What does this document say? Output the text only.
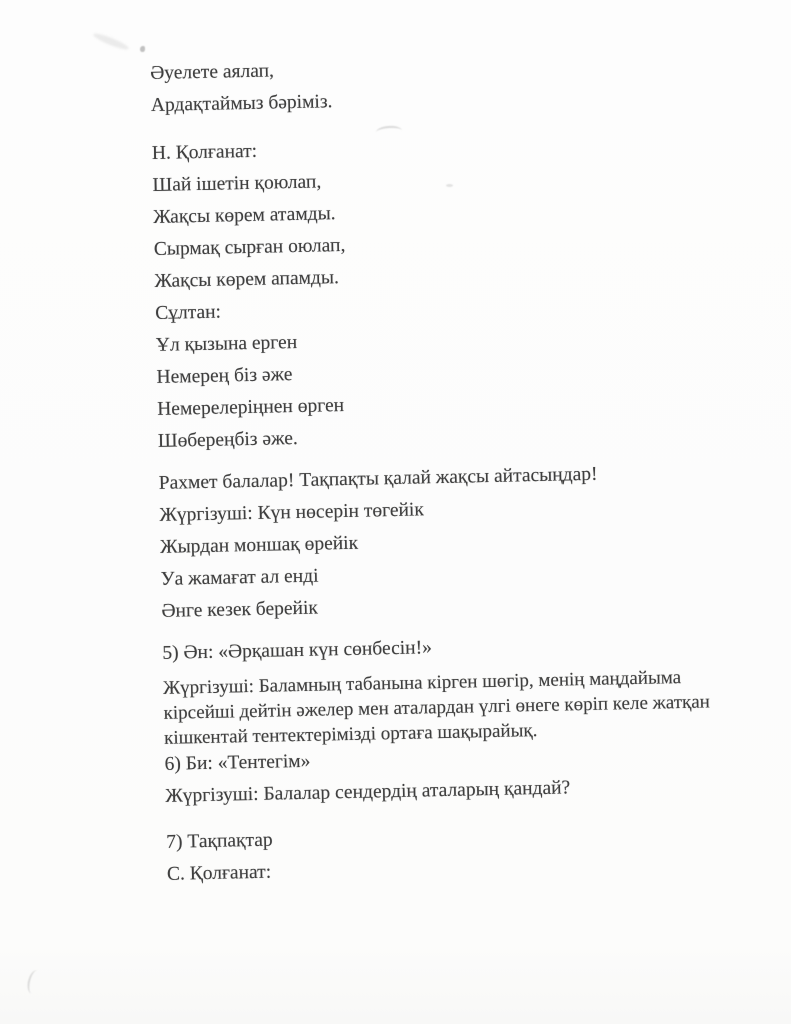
Әуелете аялап,

Ардақтаймыз бәріміз.

Н. Қолғанат:

Шай ішетін қоюлап,

Жақсы көрем атамды.

Сырмақ сырған оюлап,

Жақсы көрем апамды.

Сұлтан:

Ұл қызына ерген

Немерең біз әже

Немерелеріңнен өрген

Шөбереңбіз әже.

Рахмет балалар! Тақпақты қалай жақсы айтасыңдар!

Жүргізуші: Күн нөсерін төгейік

Жырдан моншақ өрейік

Уа жамағат ал енді

Әнге кезек берейік

5) Ән: «Әрқашан күн сөнбесін!»

Жүргізуші: Баламның табанына кірген шөгір, менің маңдайыма кірсейші дейтін әжелер мен аталардан үлгі өнеге көріп келе жатқан кішкентай тентектерімізді ортаға шақырайық.

6) Би: «Тентегім»

Жүргізуші: Балалар сендердің аталарың қандай?

7) Тақпақтар

С. Қолғанат:
